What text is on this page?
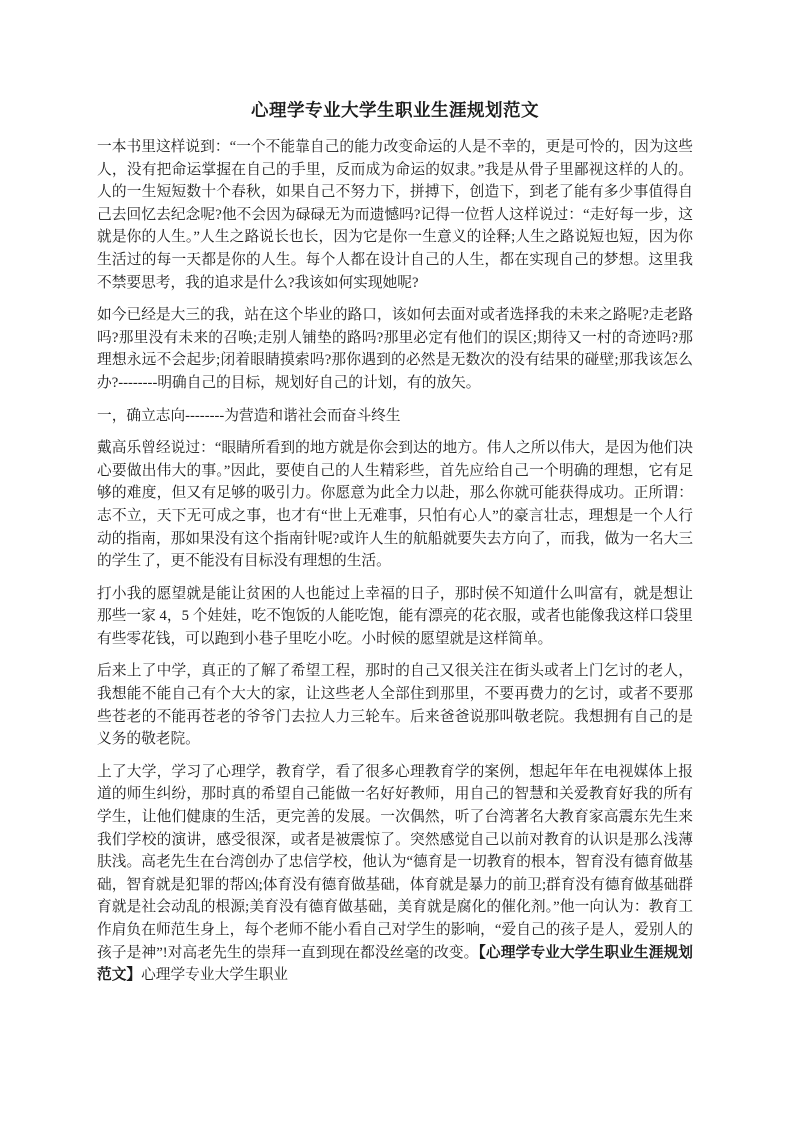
心理学专业大学生职业生涯规划范文

一本书里这样说到：“一个不能靠自己的能力改变命运的人是不幸的，更是可怜的，因为这些人，没有把命运掌握在自己的手里，反而成为命运的奴隶。”我是从骨子里鄙视这样的人的。人的一生短短数十个春秋，如果自己不努力下，拼搏下，创造下，到老了能有多少事值得自己去回忆去纪念呢?他不会因为碌碌无为而遗憾吗?记得一位哲人这样说过：“走好每一步，这就是你的人生。”人生之路说长也长，因为它是你一生意义的诠释;人生之路说短也短，因为你生活过的每一天都是你的人生。每个人都在设计自己的人生，都在实现自己的梦想。这里我不禁要思考，我的追求是什么?我该如何实现她呢?

如今已经是大三的我，站在这个毕业的路口，该如何去面对或者选择我的未来之路呢?走老路吗?那里没有未来的召唤;走别人铺垫的路吗?那里必定有他们的误区;期待又一村的奇迹吗?那理想永远不会起步;闭着眼睛摸索吗?那你遇到的必然是无数次的没有结果的碰壁;那我该怎么办?--------明确自己的目标，规划好自己的计划，有的放矢。

一，确立志向--------为营造和谐社会而奋斗终生

戴高乐曾经说过：“眼睛所看到的地方就是你会到达的地方。伟人之所以伟大，是因为他们决心要做出伟大的事。”因此，要使自己的人生精彩些，首先应给自己一个明确的理想，它有足够的难度，但又有足够的吸引力。你愿意为此全力以赴，那么你就可能获得成功。正所谓：志不立，天下无可成之事，也才有“世上无难事，只怕有心人”的豪言壮志，理想是一个人行动的指南，那如果没有这个指南针呢?或许人生的航船就要失去方向了，而我，做为一名大三的学生了，更不能没有目标没有理想的生活。

打小我的愿望就是能让贫困的人也能过上幸福的日子，那时侯不知道什么叫富有，就是想让那些一家 4，5 个娃娃，吃不饱饭的人能吃饱，能有漂亮的花衣服，或者也能像我这样口袋里有些零花钱，可以跑到小巷子里吃小吃。小时候的愿望就是这样简单。

后来上了中学，真正的了解了希望工程，那时的自己又很关注在街头或者上门乞讨的老人，我想能不能自己有个大大的家，让这些老人全部住到那里，不要再费力的乞讨，或者不要那些苍老的不能再苍老的爷爷门去拉人力三轮车。后来爸爸说那叫敬老院。我想拥有自己的是义务的敬老院。

上了大学，学习了心理学，教育学，看了很多心理教育学的案例，想起年年在电视媒体上报道的师生纠纷，那时真的希望自己能做一名好好教师，用自己的智慧和关爱教育好我的所有学生，让他们健康的生活，更完善的发展。一次偶然，听了台湾著名大教育家高震东先生来我们学校的演讲，感受很深，或者是被震惊了。突然感觉自己以前对教育的认识是那么浅薄肤浅。高老先生在台湾创办了忠信学校，他认为“德育是一切教育的根本，智育没有德育做基础，智育就是犯罪的帮凶;体育没有德育做基础，体育就是暴力的前卫;群育没有德育做基础群育就是社会动乱的根源;美育没有德育做基础，美育就是腐化的催化剂。”他一向认为：教育工作肩负在师范生身上，每个老师不能小看自己对学生的影响，“爱自己的孩子是人，爱别人的孩子是神”!对高老先生的崇拜一直到现在都没丝毫的改变。【心理学专业大学生职业生涯规划范文】心理学专业大学生职业
